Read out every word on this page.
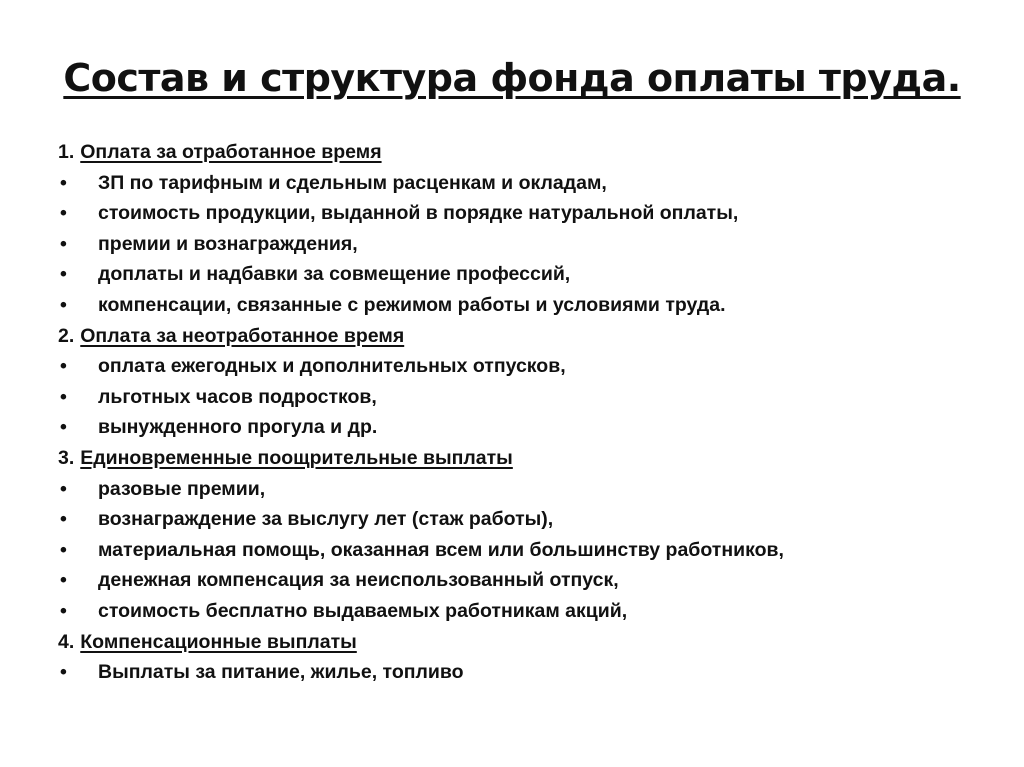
Состав и структура фонда оплаты труда.
1. Оплата за отработанное время
•	ЗП по тарифным и сдельным расценкам и окладам,
•	стоимость продукции, выданной в порядке натуральной оплаты,
•	премии и вознаграждения,
•	доплаты и надбавки за совмещение профессий,
•	компенсации, связанные с режимом работы и условиями труда.
2. Оплата за неотработанное время
•	оплата ежегодных и дополнительных отпусков,
•	льготных часов подростков,
•	вынужденного прогула и др.
3. Единовременные поощрительные выплаты
•	разовые премии,
•	вознаграждение за выслугу лет (стаж работы),
•	материальная помощь, оказанная всем или большинству работников,
•	денежная компенсация за неиспользованный отпуск,
•	стоимость бесплатно выдаваемых работникам акций,
4. Компенсационные выплаты
•	Выплаты за питание, жилье, топливо
